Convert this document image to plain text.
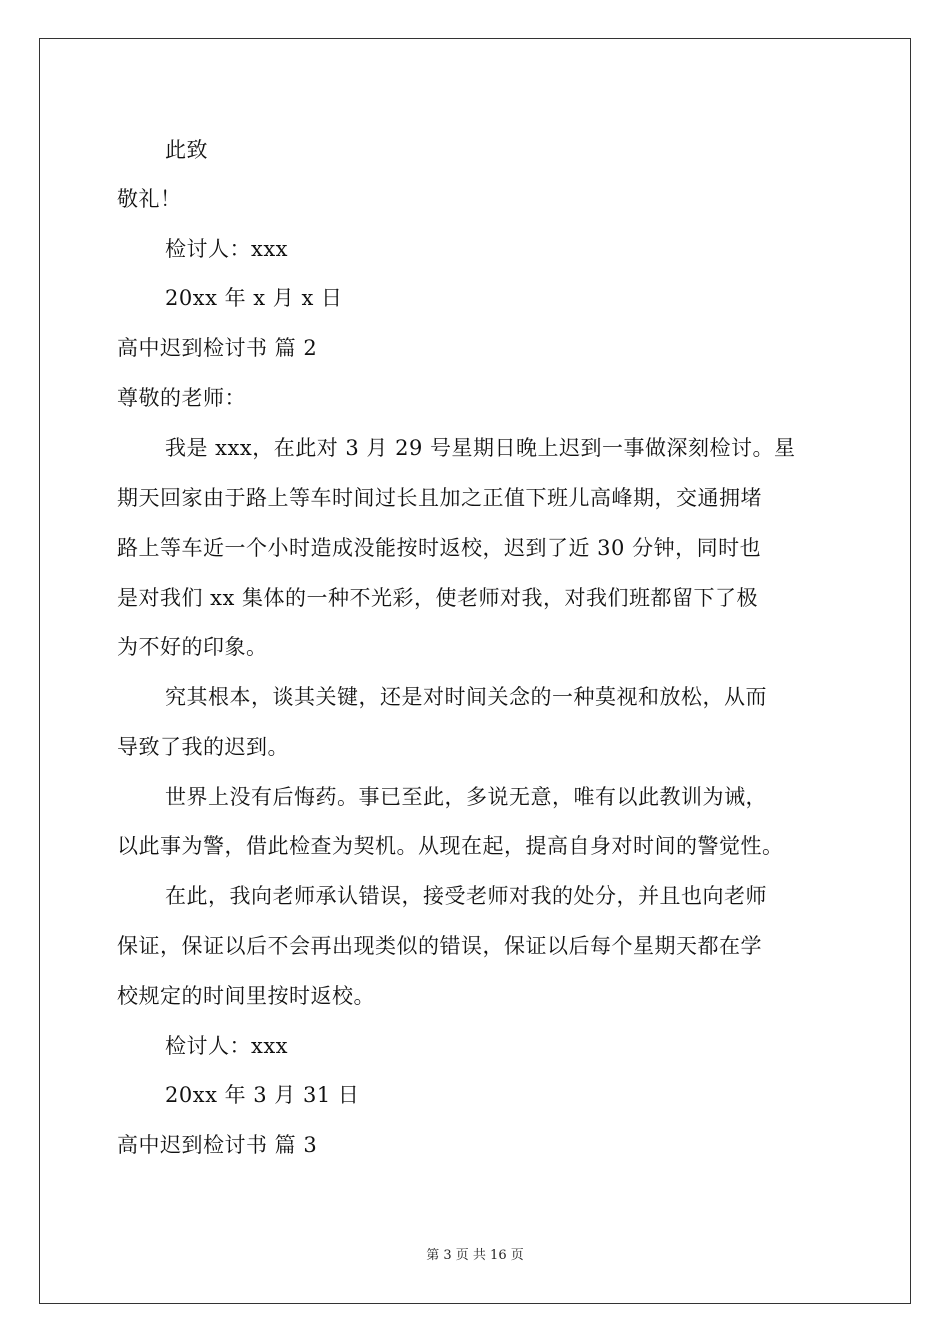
此致
敬礼！
检讨人：xxx
20xx 年 x 月 x 日
高中迟到检讨书 篇 2
尊敬的老师：
我是 xxx，在此对 3 月 29 号星期日晚上迟到一事做深刻检讨。星
期天回家由于路上等车时间过长且加之正值下班儿高峰期，交通拥堵
路上等车近一个小时造成没能按时返校，迟到了近 30 分钟，同时也
是对我们 xx 集体的一种不光彩，使老师对我，对我们班都留下了极
为不好的印象。
究其根本，谈其关键，还是对时间关念的一种莫视和放松，从而
导致了我的迟到。
世界上没有后悔药。事已至此，多说无意，唯有以此教训为诫，
以此事为警，借此检查为契机。从现在起，提高自身对时间的警觉性。
在此，我向老师承认错误，接受老师对我的处分，并且也向老师
保证，保证以后不会再出现类似的错误，保证以后每个星期天都在学
校规定的时间里按时返校。
检讨人：xxx
20xx 年 3 月 31 日
高中迟到检讨书 篇 3
第 3 页 共 16 页
